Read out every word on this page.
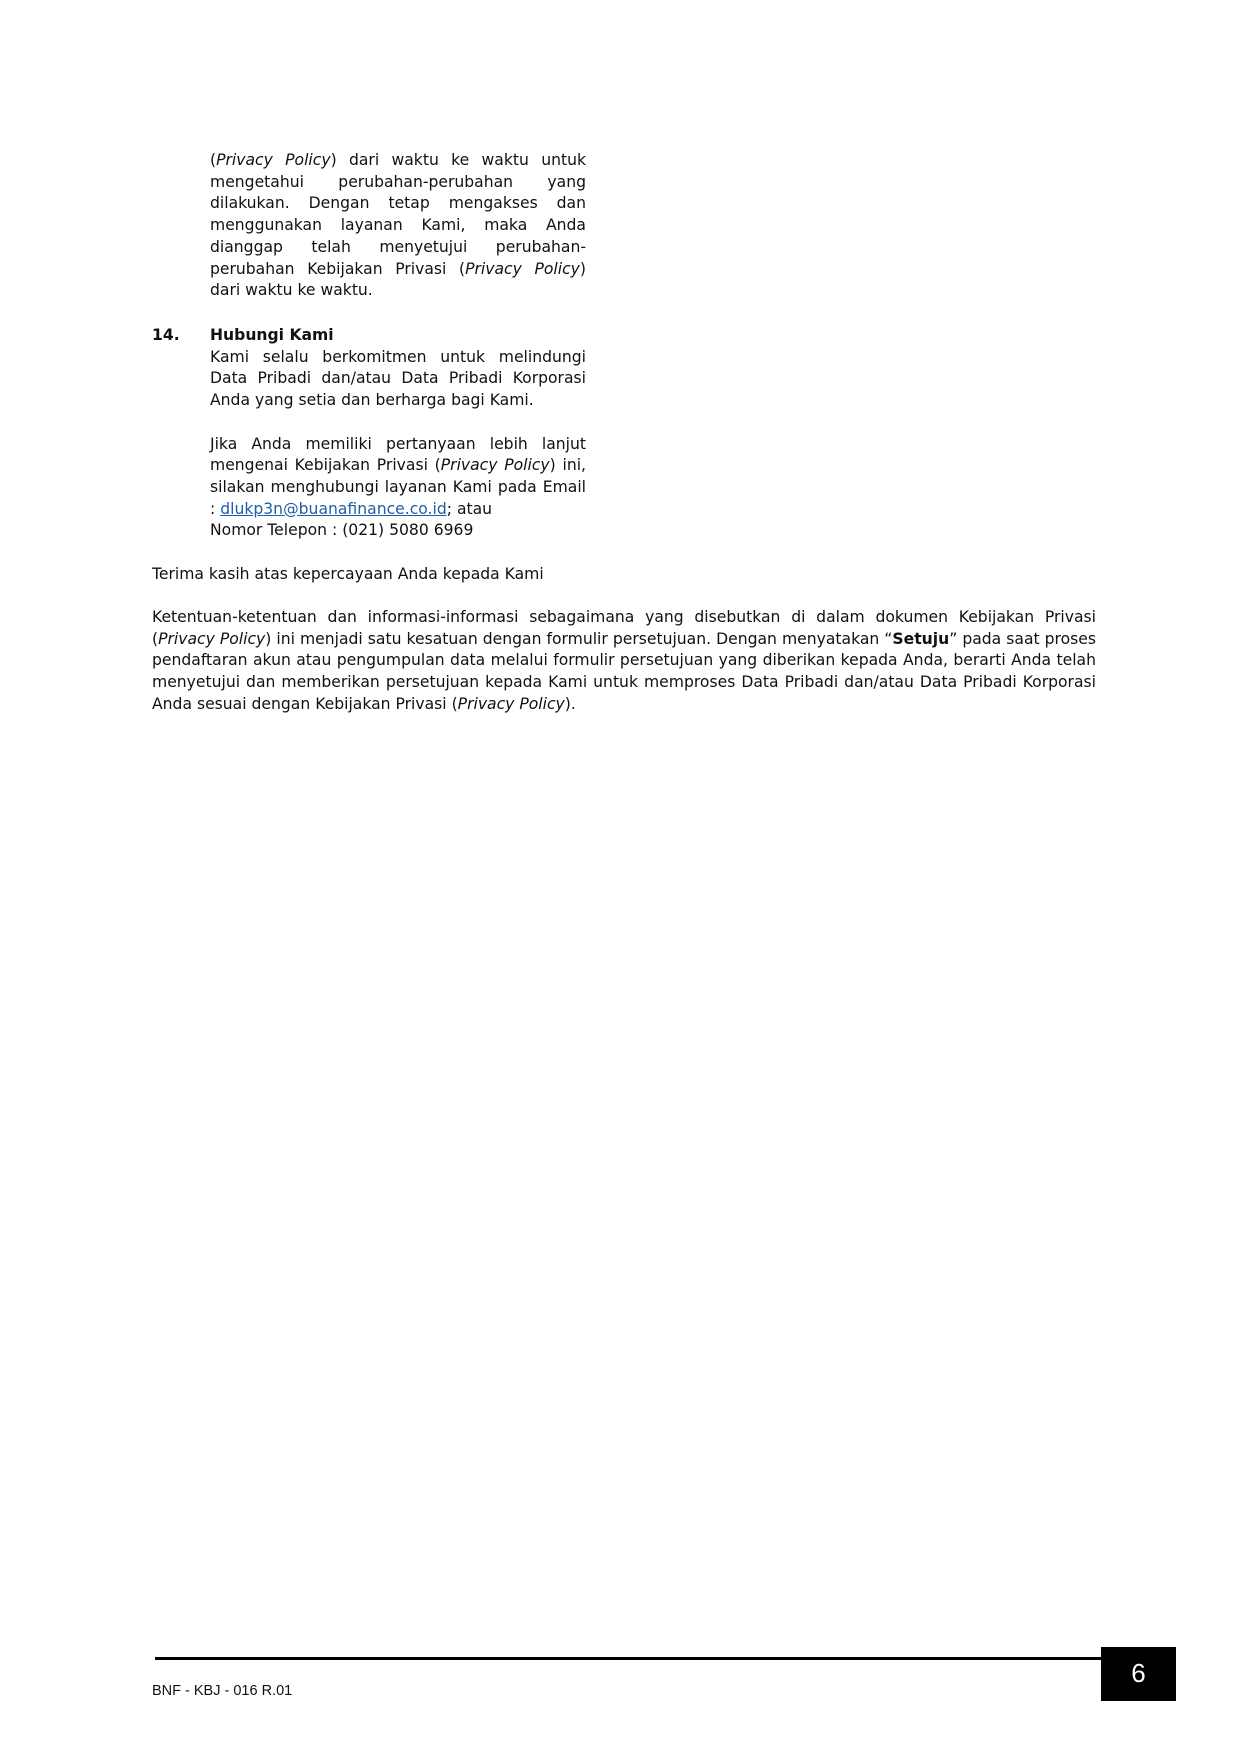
(Privacy Policy) dari waktu ke waktu untuk mengetahui perubahan-perubahan yang dilakukan. Dengan tetap mengakses dan menggunakan layanan Kami, maka Anda dianggap telah menyetujui perubahan-perubahan Kebijakan Privasi (Privacy Policy) dari waktu ke waktu.

14. Hubungi Kami

Kami selalu berkomitmen untuk melindungi Data Pribadi dan/atau Data Pribadi Korporasi Anda yang setia dan berharga bagi Kami.

Jika Anda memiliki pertanyaan lebih lanjut mengenai Kebijakan Privasi (Privacy Policy) ini, silakan menghubungi layanan Kami pada Email : dlukp3n@buanafinance.co.id; atau
Nomor Telepon : (021) 5080 6969

Terima kasih atas kepercayaan Anda kepada Kami

Ketentuan-ketentuan dan informasi-informasi sebagaimana yang disebutkan di dalam dokumen Kebijakan Privasi (Privacy Policy) ini menjadi satu kesatuan dengan formulir persetujuan. Dengan menyatakan “Setuju” pada saat proses pendaftaran akun atau pengumpulan data melalui formulir persetujuan yang diberikan kepada Anda, berarti Anda telah menyetujui dan memberikan persetujuan kepada Kami untuk memproses Data Pribadi dan/atau Data Pribadi Korporasi Anda sesuai dengan Kebijakan Privasi (Privacy Policy).

BNF - KBJ - 016 R.01
6
